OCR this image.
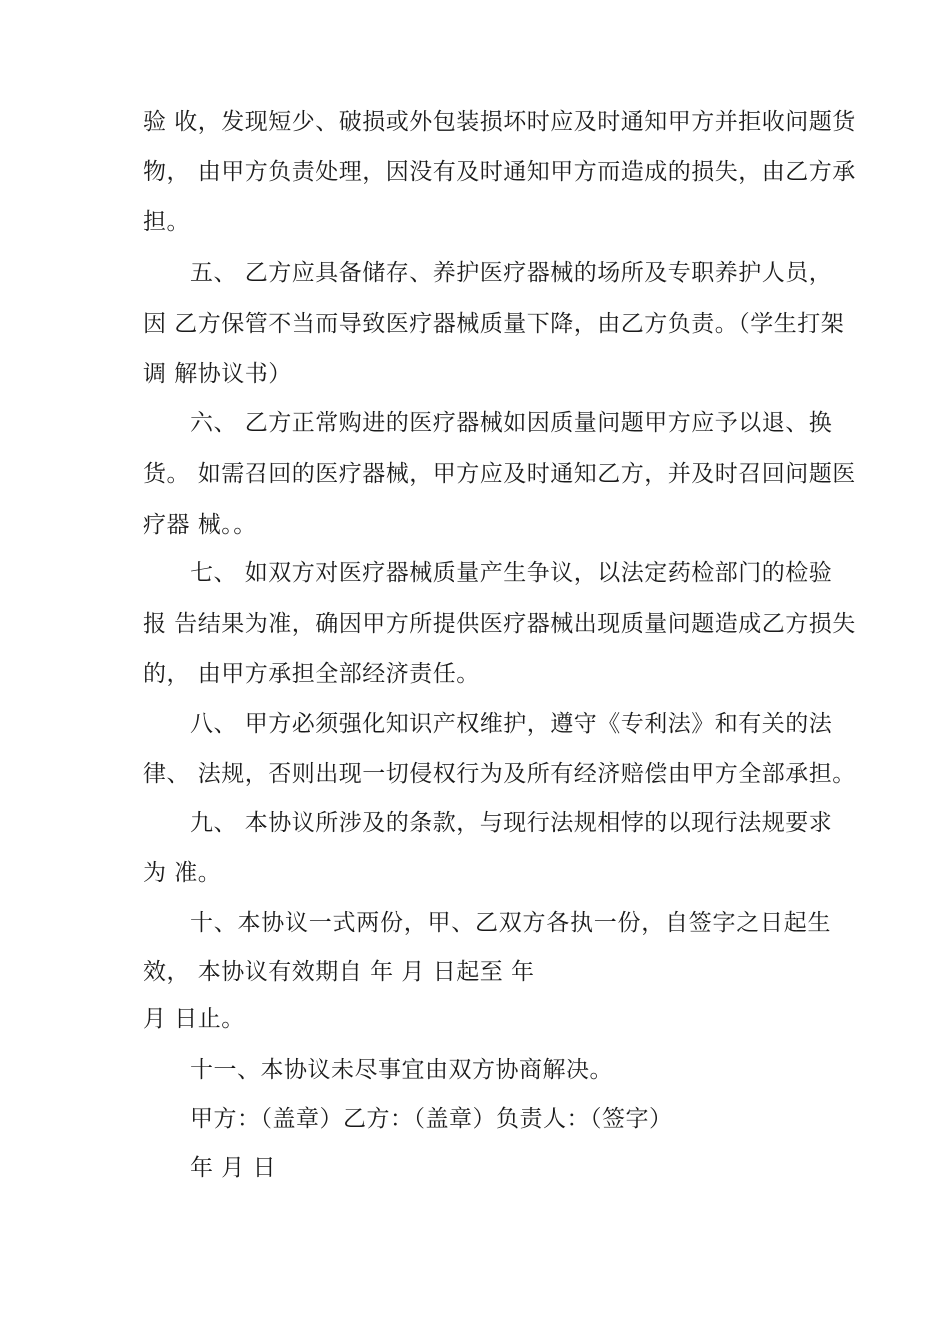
验 收，发现短少、破损或外包装损坏时应及时通知甲方并拒收问题货
物， 由甲方负责处理，因没有及时通知甲方而造成的损失，由乙方承
担。
五、 乙方应具备储存、养护医疗器械的场所及专职养护人员，
因 乙方保管不当而导致医疗器械质量下降，由乙方负责。（学生打架
调 解协议书）
六、 乙方正常购进的医疗器械如因质量问题甲方应予以退、换
货。 如需召回的医疗器械，甲方应及时通知乙方，并及时召回问题医
疗器 械。。
七、 如双方对医疗器械质量产生争议，以法定药检部门的检验
报 告结果为准，确因甲方所提供医疗器械出现质量问题造成乙方损失
的， 由甲方承担全部经济责任。
八、 甲方必须强化知识产权维护，遵守《专利法》和有关的法
律、 法规，否则出现一切侵权行为及所有经济赔偿由甲方全部承担。
九、 本协议所涉及的条款，与现行法规相悖的以现行法规要求
为 准。
十、本协议一式两份，甲、乙双方各执一份，自签字之日起生
效， 本协议有效期自 年 月 日起至 年
月 日止。
十一、本协议未尽事宜由双方协商解决。
甲方：（盖章）乙方：（盖章）负责人：（签字）
年 月 日
